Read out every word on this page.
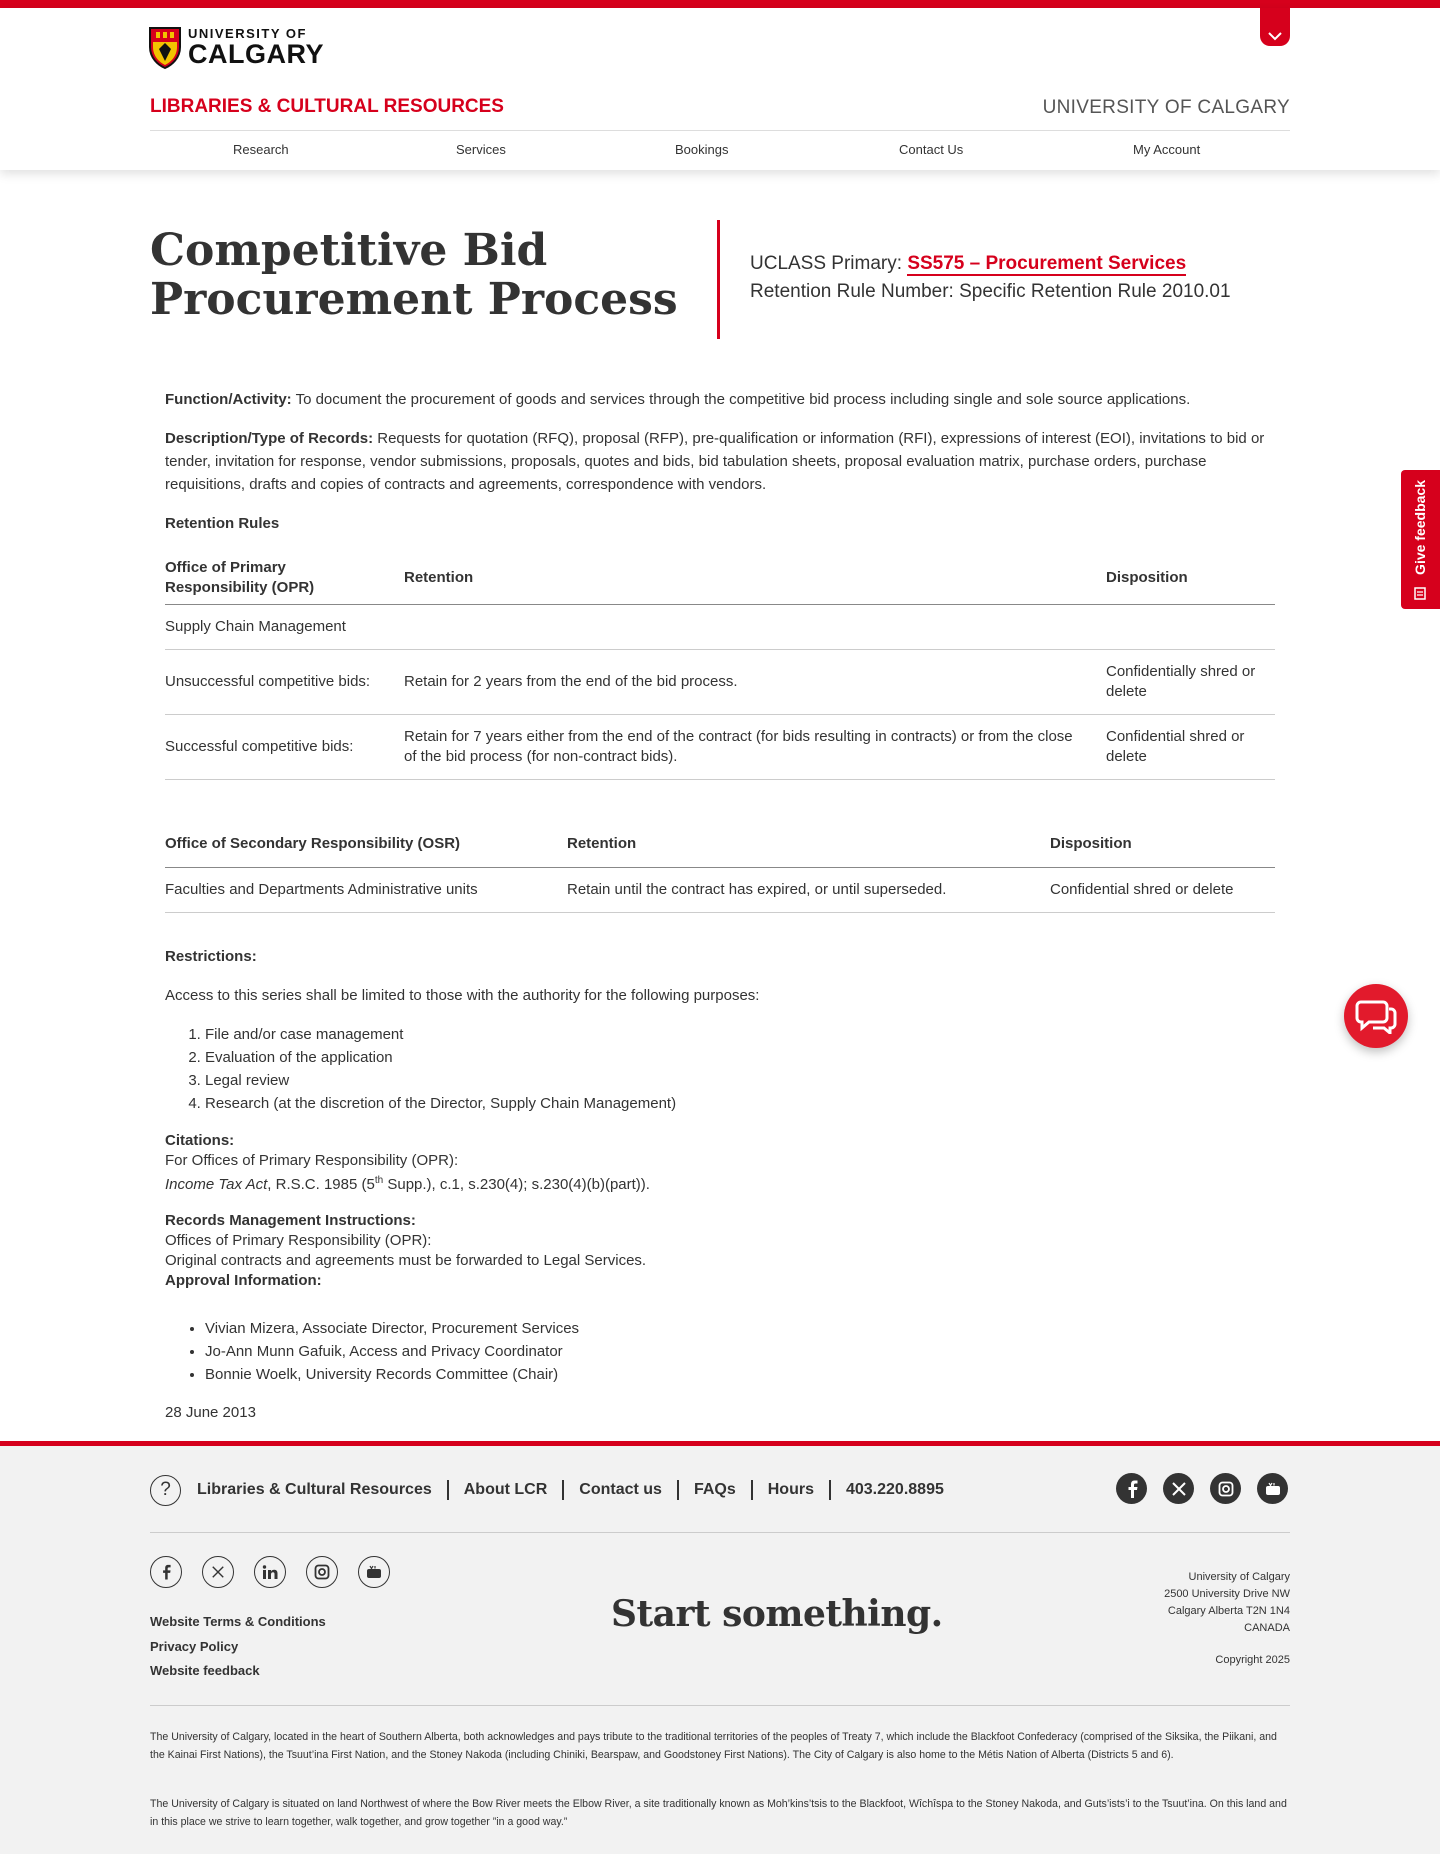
UNIVERSITY OF
CALGARY
LIBRARIES & CULTURAL RESOURCES	UNIVERSITY OF CALGARY
Research	Services	Bookings	Contact Us	My Account
Competitive Bid Procurement Process
UCLASS Primary: SS575 – Procurement Services
Retention Rule Number: Specific Retention Rule 2010.01

Function/Activity: To document the procurement of goods and services through the competitive bid process including single and sole source applications.

Description/Type of Records: Requests for quotation (RFQ), proposal (RFP), pre-qualification or information (RFI), expressions of interest (EOI), invitations to bid or tender, invitation for response, vendor submissions, proposals, quotes and bids, bid tabulation sheets, proposal evaluation matrix, purchase orders, purchase requisitions, drafts and copies of contracts and agreements, correspondence with vendors.

Retention Rules

Office of Primary Responsibility (OPR)	Retention	Disposition
Supply Chain Management		
Unsuccessful competitive bids:	Retain for 2 years from the end of the bid process.	Confidentially shred or delete
Successful competitive bids:	Retain for 7 years either from the end of the contract (for bids resulting in contracts) or from the close of the bid process (for non-contract bids).	Confidential shred or delete
Office of Secondary Responsibility (OSR)	Retention	Disposition
Faculties and Departments Administrative units	Retain until the contract has expired, or until superseded.	Confidential shred or delete

Restrictions:

Access to this series shall be limited to those with the authority for the following purposes:

1. File and/or case management
2. Evaluation of the application
3. Legal review
4. Research (at the discretion of the Director, Supply Chain Management)

Citations:

For Offices of Primary Responsibility (OPR):

Income Tax Act, R.S.C. 1985 (5th Supp.), c.1, s.230(4); s.230(4)(b)(part)).

Records Management Instructions:

Offices of Primary Responsibility (OPR):

Original contracts and agreements must be forwarded to Legal Services.

Approval Information:

• Vivian Mizera, Associate Director, Procurement Services
• Jo-Ann Munn Gafuik, Access and Privacy Coordinator
• Bonnie Woelk, University Records Committee (Chair)

28 June 2013

Give feedback
?	Libraries & Cultural Resources About LCR Contact us FAQs Hours 403.220.8895
Website Terms & Conditions
Privacy Policy
Website feedback
Start something.
University of Calgary
2500 University Drive NW
Calgary Alberta T2N 1N4
CANADA
Copyright 2025

The University of Calgary, located in the heart of Southern Alberta, both acknowledges and pays tribute to the traditional territories of the peoples of Treaty 7, which include the Blackfoot Confederacy (comprised of the Siksika, the Piikani, and the Kainai First Nations), the Tsuut’ina First Nation, and the Stoney Nakoda (including Chiniki, Bearspaw, and Goodstoney First Nations). The City of Calgary is also home to the Métis Nation of Alberta (Districts 5 and 6).

The University of Calgary is situated on land Northwest of where the Bow River meets the Elbow River, a site traditionally known as Moh’kins’tsis to the Blackfoot, Wîchîspa to the Stoney Nakoda, and Guts’ists’i to the Tsuut’ina. On this land and in this place we strive to learn together, walk together, and grow together ”in a good way.”
